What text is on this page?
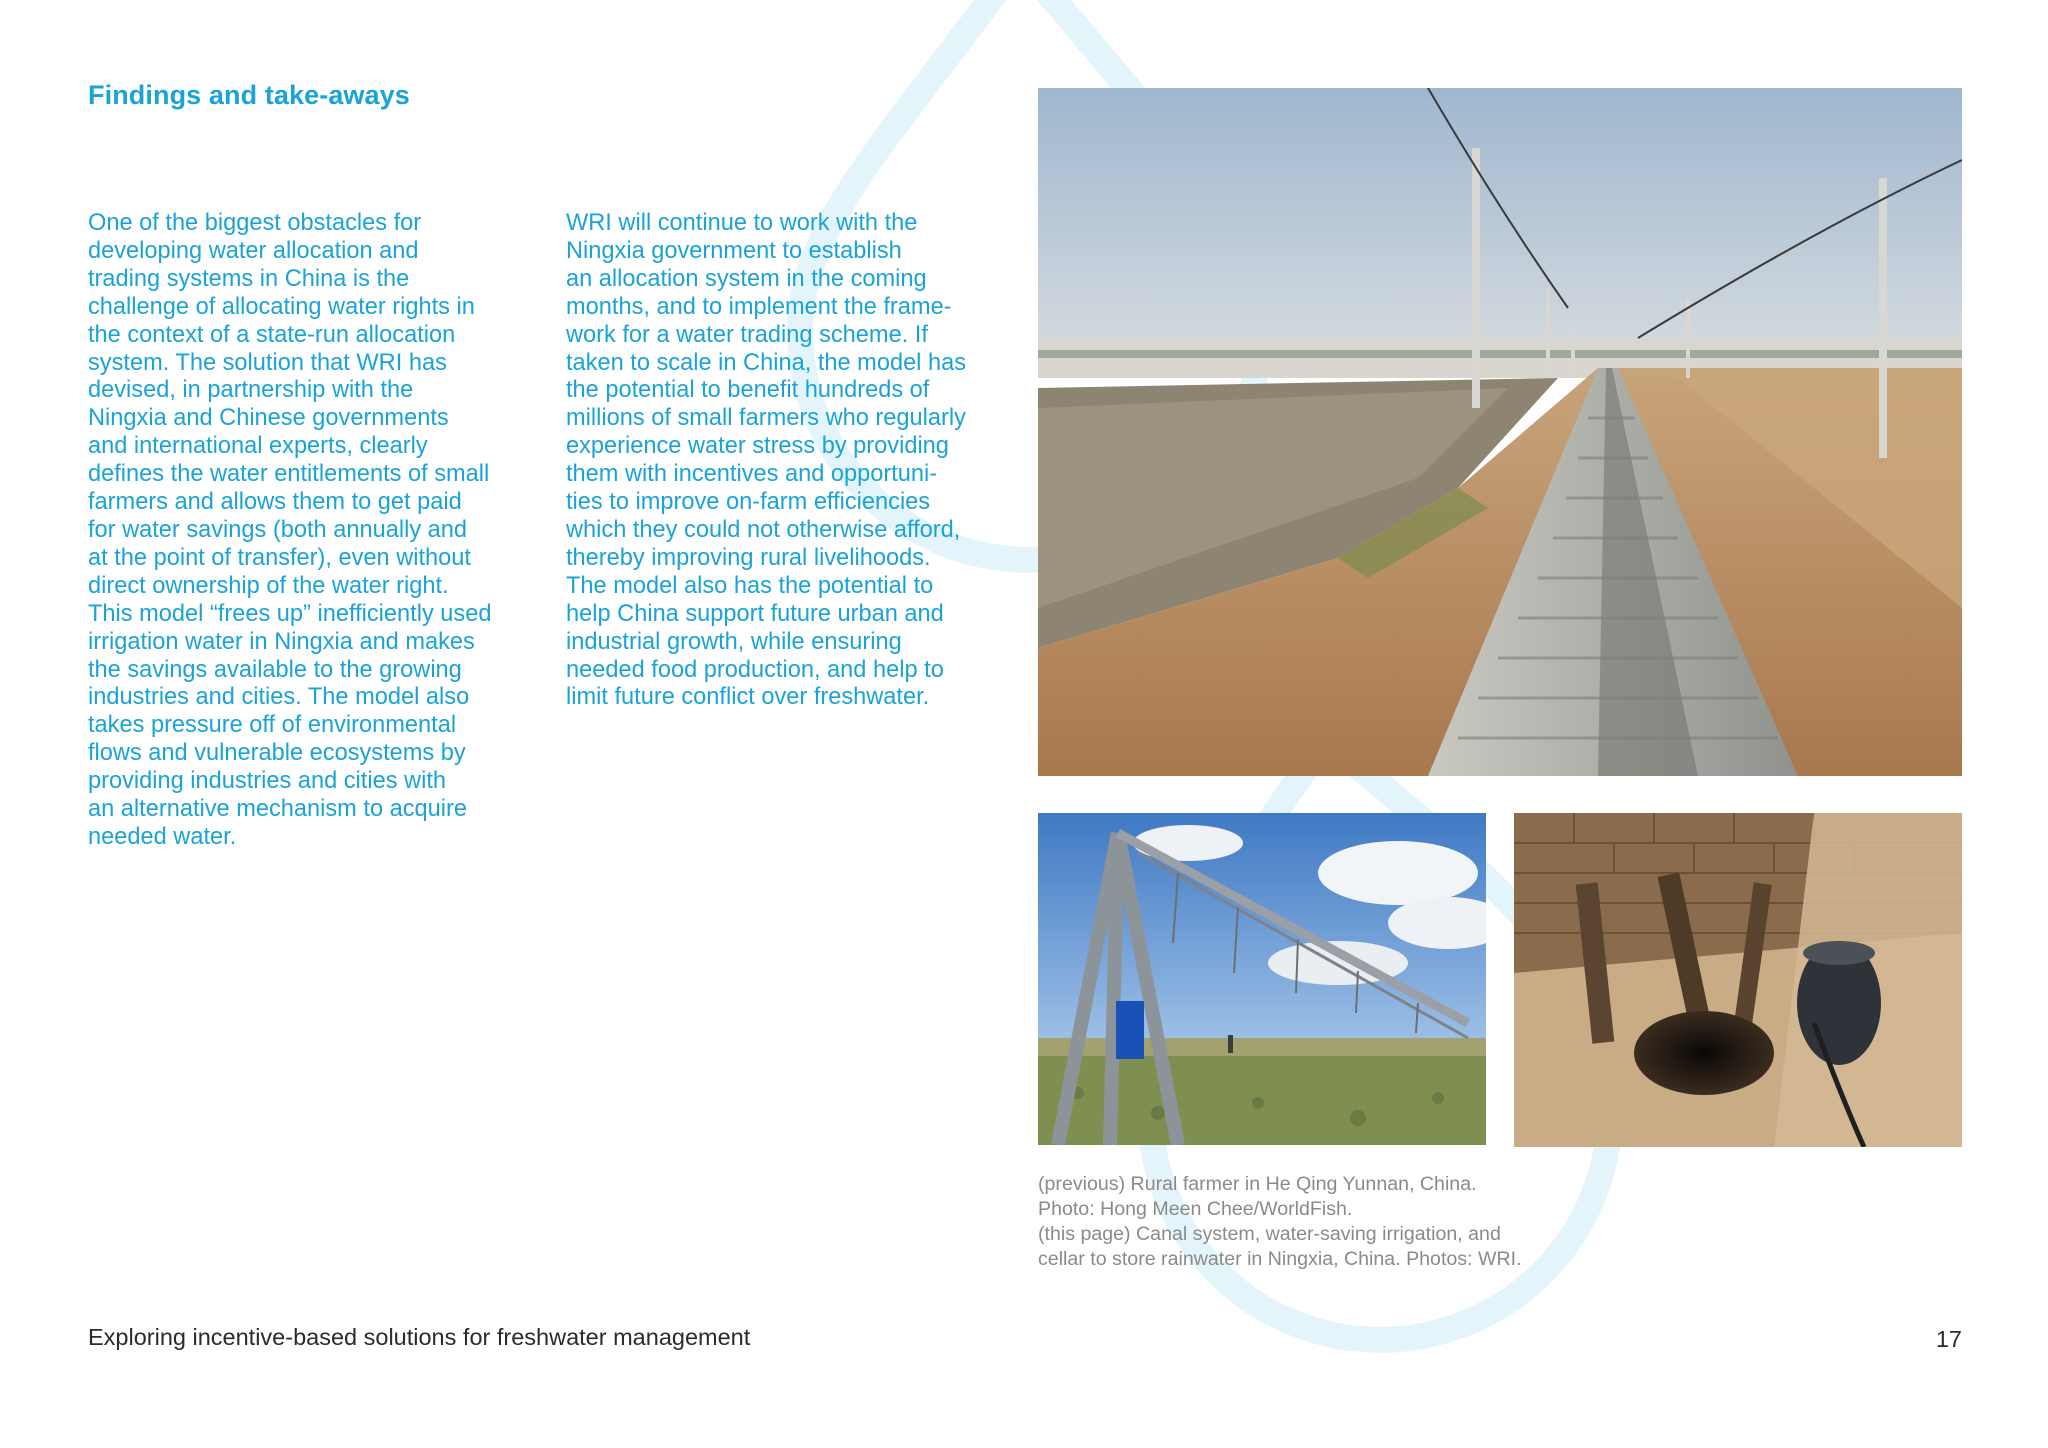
Findings and take-aways
One of the biggest obstacles for
developing water allocation and
trading systems in China is the
challenge of allocating water rights in
the context of a state-run allocation
system. The solution that WRI has
devised, in partnership with the
Ningxia and Chinese governments
and international experts, clearly
defines the water entitlements of small
farmers and allows them to get paid
for water savings (both annually and
at the point of transfer), even without
direct ownership of the water right.
This model “frees up” inefficiently used
irrigation water in Ningxia and makes
the savings available to the growing
industries and cities. The model also
takes pressure off of environmental
flows and vulnerable ecosystems by
providing industries and cities with
an alternative mechanism to acquire
needed water.
WRI will continue to work with the
Ningxia government to establish
an allocation system in the coming
months, and to implement the frame-
work for a water trading scheme. If
taken to scale in China, the model has
the potential to benefit hundreds of
millions of small farmers who regularly
experience water stress by providing
them with incentives and opportuni-
ties to improve on-farm efficiencies
which they could not otherwise afford,
thereby improving rural livelihoods.
The model also has the potential to
help China support future urban and
industrial growth, while ensuring
needed food production, and help to
limit future conflict over freshwater.
(previous) Rural farmer in He Qing Yunnan, China.
Photo: Hong Meen Chee/WorldFish.
(this page) Canal system, water-saving irrigation, and
cellar to store rainwater in Ningxia, China. Photos: WRI.
Exploring incentive-based solutions for freshwater management	17
